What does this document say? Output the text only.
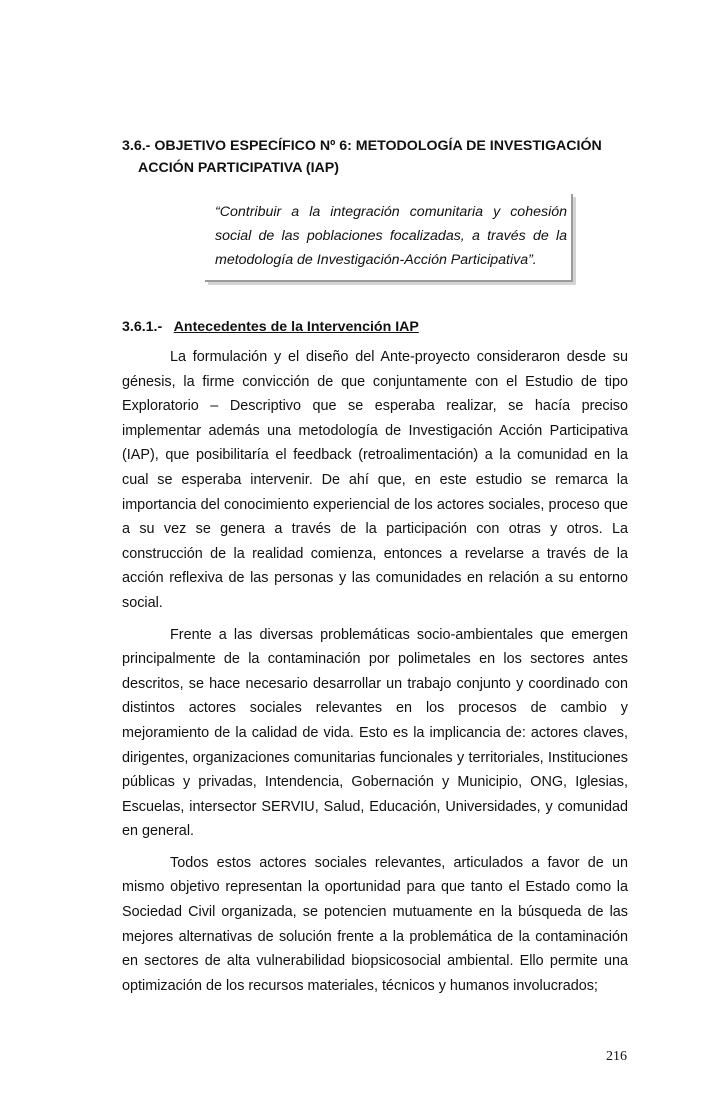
3.6.- OBJETIVO ESPECÍFICO Nº 6: METODOLOGÍA DE INVESTIGACIÓN
ACCIÓN PARTICIPATIVA (IAP)
“Contribuir a la integración comunitaria y cohesión social de las poblaciones focalizadas, a través de la metodología de Investigación-Acción Participativa”.
3.6.1.- Antecedentes de la Intervención IAP

La formulación y el diseño del Ante-proyecto consideraron desde su génesis, la firme convicción de que conjuntamente con el Estudio de tipo Exploratorio – Descriptivo que se esperaba realizar, se hacía preciso implementar además una metodología de Investigación Acción Participativa (IAP), que posibilitaría el feedback (retroalimentación) a la comunidad en la cual se esperaba intervenir. De ahí que, en este estudio se remarca la importancia del conocimiento experiencial de los actores sociales, proceso que a su vez se genera a través de la participación con otras y otros. La construcción de la realidad comienza, entonces a revelarse a través de la acción reflexiva de las personas y las comunidades en relación a su entorno social.

Frente a las diversas problemáticas socio-ambientales que emergen principalmente de la contaminación por polimetales en los sectores antes descritos, se hace necesario desarrollar un trabajo conjunto y coordinado con distintos actores sociales relevantes en los procesos de cambio y mejoramiento de la calidad de vida. Esto es la implicancia de: actores claves, dirigentes, organizaciones comunitarias funcionales y territoriales, Instituciones públicas y privadas, Intendencia, Gobernación y Municipio, ONG, Iglesias, Escuelas, intersector SERVIU, Salud, Educación, Universidades, y comunidad en general.

Todos estos actores sociales relevantes, articulados a favor de un mismo objetivo representan la oportunidad para que tanto el Estado como la Sociedad Civil organizada, se potencien mutuamente en la búsqueda de las mejores alternativas de solución frente a la problemática de la contaminación en sectores de alta vulnerabilidad biopsicosocial ambiental. Ello permite una optimización de los recursos materiales, técnicos y humanos involucrados;

216
